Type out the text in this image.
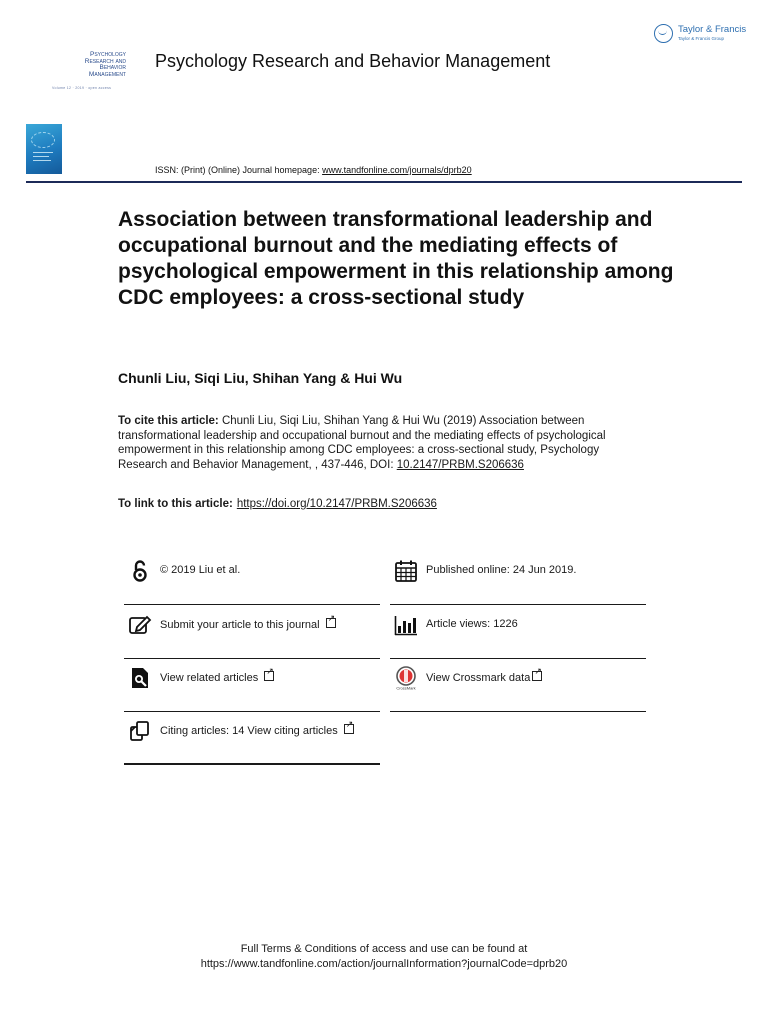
Taylor & Francis
Taylor & Francis Group
Psychology
Research and
Behavior
Management
Volume 12 · 2019 · open access
Psychology Research and Behavior Management
ISSN: (Print) (Online) Journal homepage: www.tandfonline.com/journals/dprb20
Association between transformational leadership and occupational burnout and the mediating effects of psychological empowerment in this relationship among CDC employees: a cross-sectional study
Chunli Liu, Siqi Liu, Shihan Yang & Hui Wu
To cite this article: Chunli Liu, Siqi Liu, Shihan Yang & Hui Wu (2019) Association between transformational leadership and occupational burnout and the mediating effects of psychological empowerment in this relationship among CDC employees: a cross-sectional study, Psychology Research and Behavior Management, , 437-446, DOI: 10.2147/PRBM.S206636
To link to this article: https://doi.org/10.2147/PRBM.S206636
© 2019 Liu et al.
Submit your article to this journal↗
View related articles↗
Citing articles: 14 View citing articles↗
Published online: 24 Jun 2019.
Article views: 1226
CrossMark
View Crossmark data↗
Full Terms & Conditions of access and use can be found at
https://www.tandfonline.com/action/journalInformation?journalCode=dprb20
